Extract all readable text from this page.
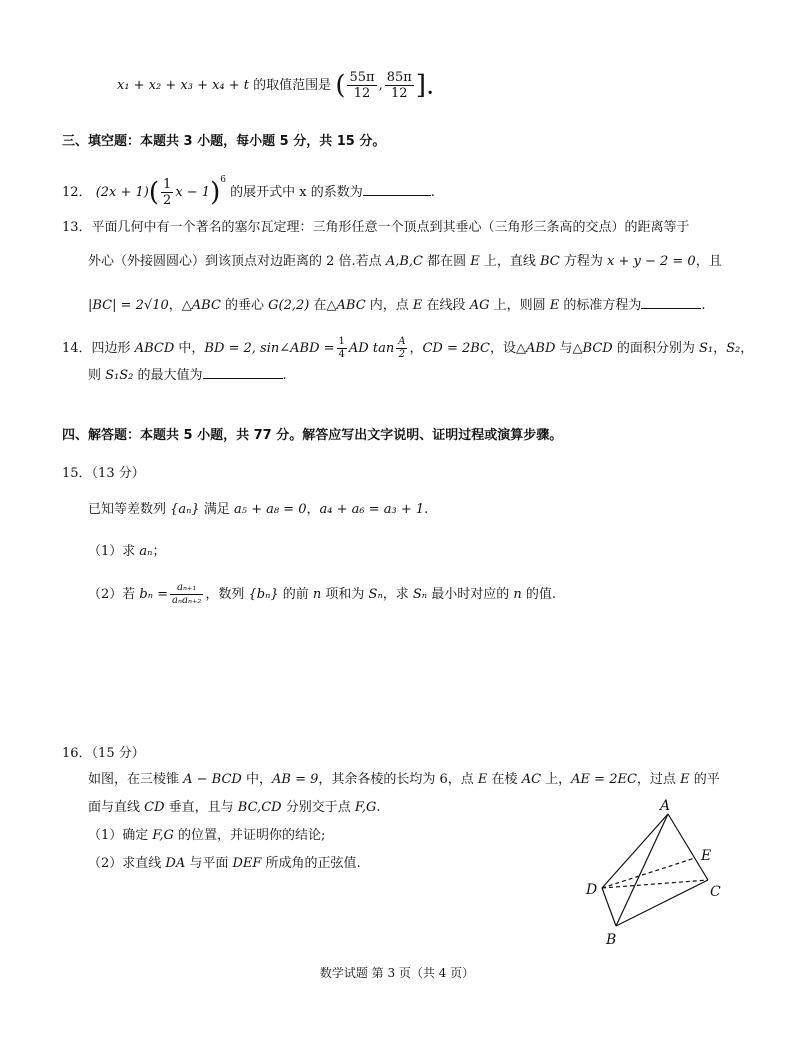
x₁ + x₂ + x₃ + x₄ + t 的取值范围是 ( $\frac{55\pi}{12}$ , $\frac{85\pi}{12}$ ].
三、填空题：本题共 3 小题，每小题 5 分，共 15 分。
12． $(2x + 1)( \frac{1}{2}$ $x - 1)^6$ 的展开式中 x 的系数为	.
13．平面几何中有一个著名的塞尔瓦定理：三角形任意一个顶点到其垂心（三角形三条高的交点）的距离等于
外心（外接圆圆心）到该顶点对边距离的 2 倍.若点 A,B,C 都在圆 E 上，直线 BC 方程为 x + y − 2 = 0，且
|BC| = 2√10，△ABC 的垂心 G(2,2) 在△ABC 内，点 E 在线段 AG 上，则圆 E 的标准方程为	.
14．四边形 ABCD 中，BD = 2, sin∠ABD = $\frac{1}{4}$ AD $\tan \frac{A}{2}$ ，CD = 2BC，设△ABD 与△BCD 的面积分别为 S₁，S₂，
则 S₁S₂ 的最大值为	.
四、解答题：本题共 5 小题，共 77 分。解答应写出文字说明、证明过程或演算步骤。
15．（13 分）
已知等差数列 {aₙ} 满足 a₅ + a₈ = 0，a₄ + a₆ = a₃ + 1.
（1）求 aₙ；
（2）若 $b_n = \frac{\text{aₙ₊₁}}{\text{aₙaₙ₊₂}}$ ，数列 {bₙ} 的前 n 项和为 Sₙ，求 Sₙ 最小时对应的 n 的值.
16．（15 分）
如图，在三棱锥 A − BCD 中，AB = 9，其余各棱的长均为 6，点 E 在棱 AC 上，AE = 2EC，过点 E 的平
面与直线 CD 垂直，且与 BC,CD 分别交于点 F,G.
（1）确定 F,G 的位置，并证明你的结论;
（2）求直线 DA 与平面 DEF 所成角的正弦值.
A
E
D	C
B
数学试题 第 3 页（共 4 页）
